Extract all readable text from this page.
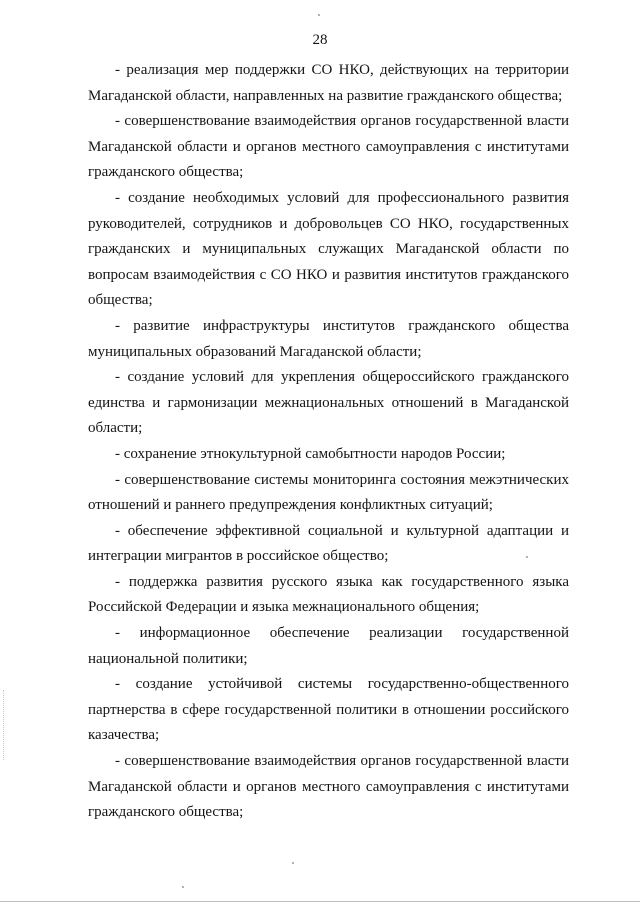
28

- реализация мер поддержки СО НКО, действующих на территории Магаданской области, направленных на развитие гражданского общества;

- совершенствование взаимодействия органов государственной власти Магаданской области и органов местного самоуправления с институтами гражданского общества;

- создание необходимых условий для профессионального развития руководителей, сотрудников и добровольцев СО НКО, государственных гражданских и муниципальных служащих Магаданской области по вопросам взаимодействия с СО НКО и развития институтов гражданского общества;

- развитие инфраструктуры институтов гражданского общества муниципальных образований Магаданской области;

- создание условий для укрепления общероссийского гражданского единства и гармонизации межнациональных отношений в Магаданской области;

- сохранение этнокультурной самобытности народов России;

- совершенствование системы мониторинга состояния межэтнических отношений и раннего предупреждения конфликтных ситуаций;

- обеспечение эффективной социальной и культурной адаптации и интеграции мигрантов в российское общество;

- поддержка развития русского языка как государственного языка Российской Федерации и языка межнационального общения;

- информационное обеспечение реализации государственной национальной политики;

- создание устойчивой системы государственно-общественного партнерства в сфере государственной политики в отношении российского казачества;

- совершенствование взаимодействия органов государственной власти Магаданской области и органов местного самоуправления с институтами гражданского общества;
